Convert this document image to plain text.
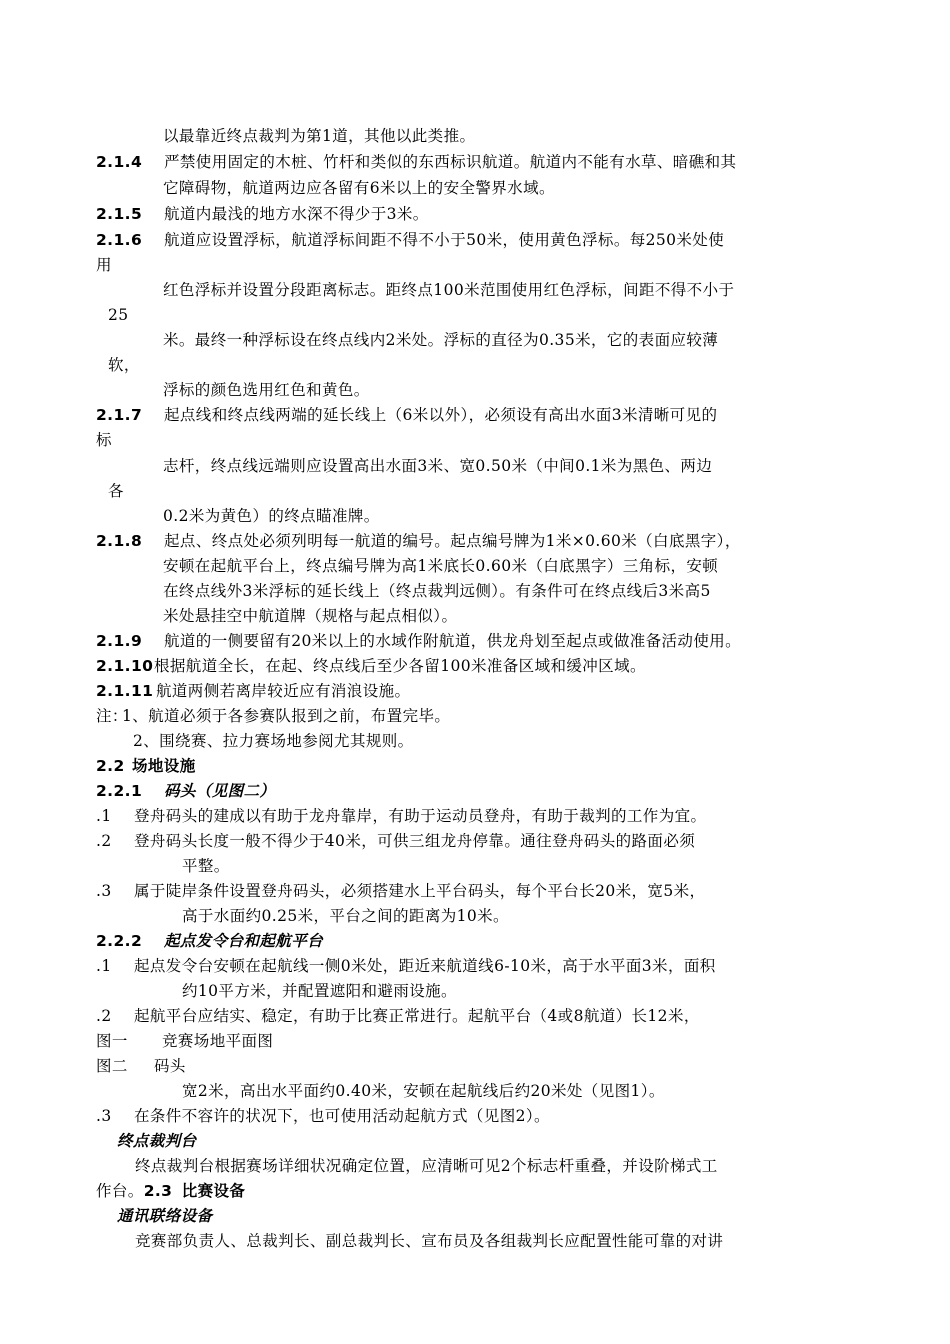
以最靠近终点裁判为第1道，其他以此类推。
2.1.4 严禁使用固定的木桩、竹杆和类似的东西标识航道。航道内不能有水草、暗礁和其
它障碍物，航道两边应各留有6米以上的安全警界水域。
2.1.5 航道内最浅的地方水深不得少于3米。
2.1.6 航道应设置浮标，航道浮标间距不得不小于50米，使用黄色浮标。每250米处使
用
红色浮标并设置分段距离标志。距终点100米范围使用红色浮标，间距不得不小于
25
米。最终一种浮标设在终点线内2米处。浮标的直径为0.35米，它的表面应较薄
软，
浮标的颜色选用红色和黄色。
2.1.7 起点线和终点线两端的延长线上（6米以外），必须设有高出水面3米清晰可见的
标
志杆，终点线远端则应设置高出水面3米、宽0.50米（中间0.1米为黑色、两边
各
0.2米为黄色）的终点瞄准牌。
2.1.8 起点、终点处必须列明每一航道的编号。起点编号牌为1米×0.60米（白底黑字），
安顿在起航平台上，终点编号牌为高1米底长0.60米（白底黑字）三角标，安顿
在终点线外3米浮标的延长线上（终点裁判远侧）。有条件可在终点线后3米高5
米处悬挂空中航道牌（规格与起点相似）。
2.1.9 航道的一侧要留有20米以上的水域作附航道，供龙舟划至起点或做准备活动使用。
2.1.10根据航道全长，在起、终点线后至少各留100米准备区域和缓冲区域。
2.1.11 航道两侧若离岸较近应有消浪设施。
注：1、航道必须于各参赛队报到之前，布置完毕。
2、围绕赛、拉力赛场地参阅尤其规则。
2.2 场地设施
2.2.1 码头（见图二）
.1 登舟码头的建成以有助于龙舟靠岸，有助于运动员登舟，有助于裁判的工作为宜。
.2 登舟码头长度一般不得少于40米，可供三组龙舟停靠。通往登舟码头的路面必须
平整。
.3 属于陡岸条件设置登舟码头，必须搭建水上平台码头，每个平台长20米，宽5米，
高于水面约0.25米，平台之间的距离为10米。
2.2.2 起点发令台和起航平台
.1 起点发令台安顿在起航线一侧0米处，距近来航道线6-10米，高于水平面3米，面积
约10平方米，并配置遮阳和避雨设施。
.2 起航平台应结实、稳定，有助于比赛正常进行。起航平台（4或8航道）长12米，
图一 竞赛场地平面图
图二 码头
宽2米，高出水平面约0.40米，安顿在起航线后约20米处（见图1）。
.3 在条件不容许的状况下，也可使用活动起航方式（见图2）。
终点裁判台
终点裁判台根据赛场详细状况确定位置，应清晰可见2个标志杆重叠，并设阶梯式工
作台。2.3 比赛设备
通讯联络设备
竞赛部负责人、总裁判长、副总裁判长、宣布员及各组裁判长应配置性能可靠的对讲
